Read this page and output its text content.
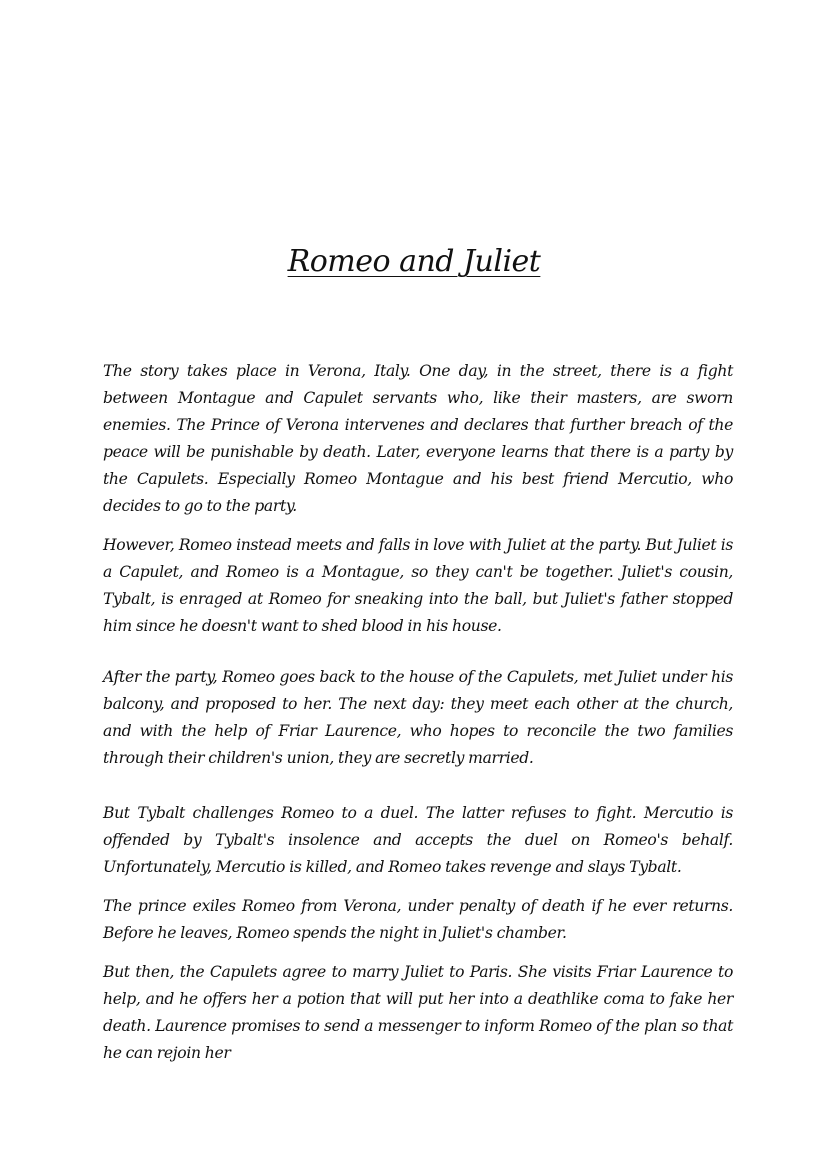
Romeo and Juliet

The story takes place in Verona, Italy. One day, in the street, there is a fight between Montague and Capulet servants who, like their masters, are sworn enemies. The Prince of Verona intervenes and declares that further breach of the peace will be punishable by death. Later, everyone learns that there is a party by the Capulets. Especially Romeo Montague and his best friend Mercutio, who decides to go to the party.

However, Romeo instead meets and falls in love with Juliet at the party. But Juliet is a Capulet, and Romeo is a Montague, so they can't be together. Juliet's cousin, Tybalt, is enraged at Romeo for sneaking into the ball, but Juliet's father stopped him since he doesn't want to shed blood in his house.

After the party, Romeo goes back to the house of the Capulets, met Juliet under his balcony, and proposed to her. The next day: they meet each other at the church, and with the help of Friar Laurence, who hopes to reconcile the two families through their children's union, they are secretly married.

But Tybalt challenges Romeo to a duel. The latter refuses to fight. Mercutio is offended by Tybalt's insolence and accepts the duel on Romeo's behalf. Unfortunately, Mercutio is killed, and Romeo takes revenge and slays Tybalt.

The prince exiles Romeo from Verona, under penalty of death if he ever returns. Before he leaves, Romeo spends the night in Juliet's chamber.

But then, the Capulets agree to marry Juliet to Paris. She visits Friar Laurence to help, and he offers her a potion that will put her into a deathlike coma to fake her death. Laurence promises to send a messenger to inform Romeo of the plan so that he can rejoin her
